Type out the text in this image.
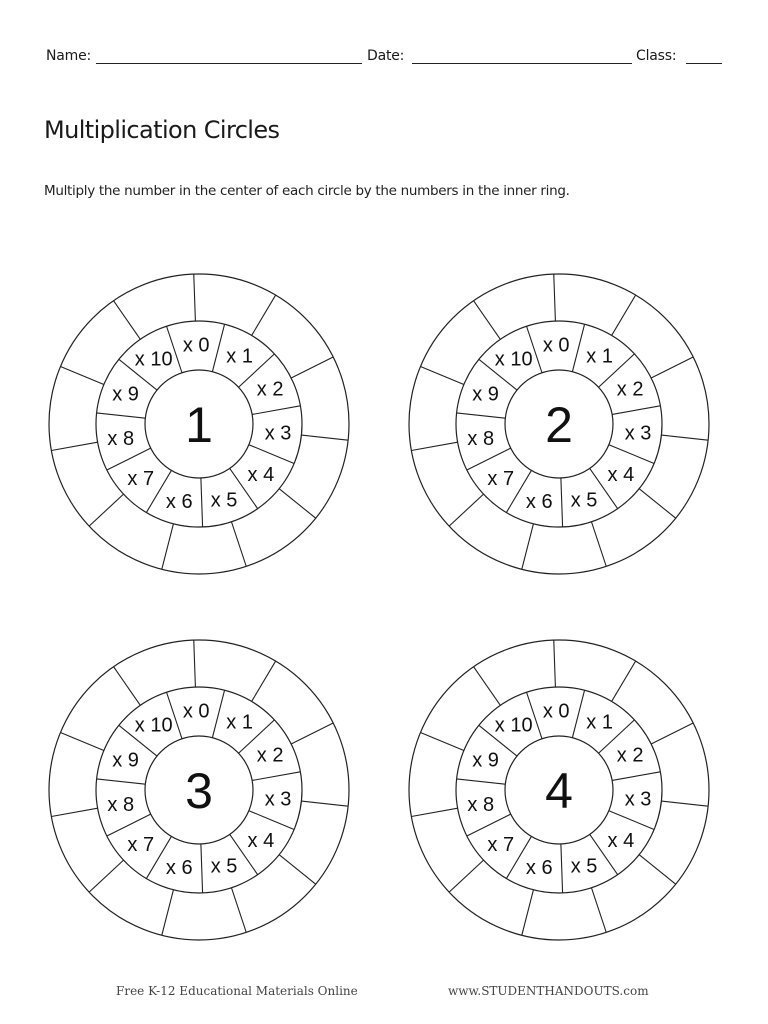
Name:	Date:	Class:
Multiplication Circles
Multiply the number in the center of each circle by the numbers in the inner ring.
x 0
x 1
x 2
x 3
x 4
x 5
x 6
x 7
x 8
x 9
x 10
1
x 0
x 1
x 2
x 3
x 4
x 5
x 6
x 7
x 8
x 9
x 10
2
x 0
x 1
x 2
x 3
x 4
x 5
x 6
x 7
x 8
x 9
x 10
3
x 0
x 1
x 2
x 3
x 4
x 5
x 6
x 7
x 8
x 9
x 10
4
Free K-12 Educational Materials Online	www.STUDENTHANDOUTS.com
